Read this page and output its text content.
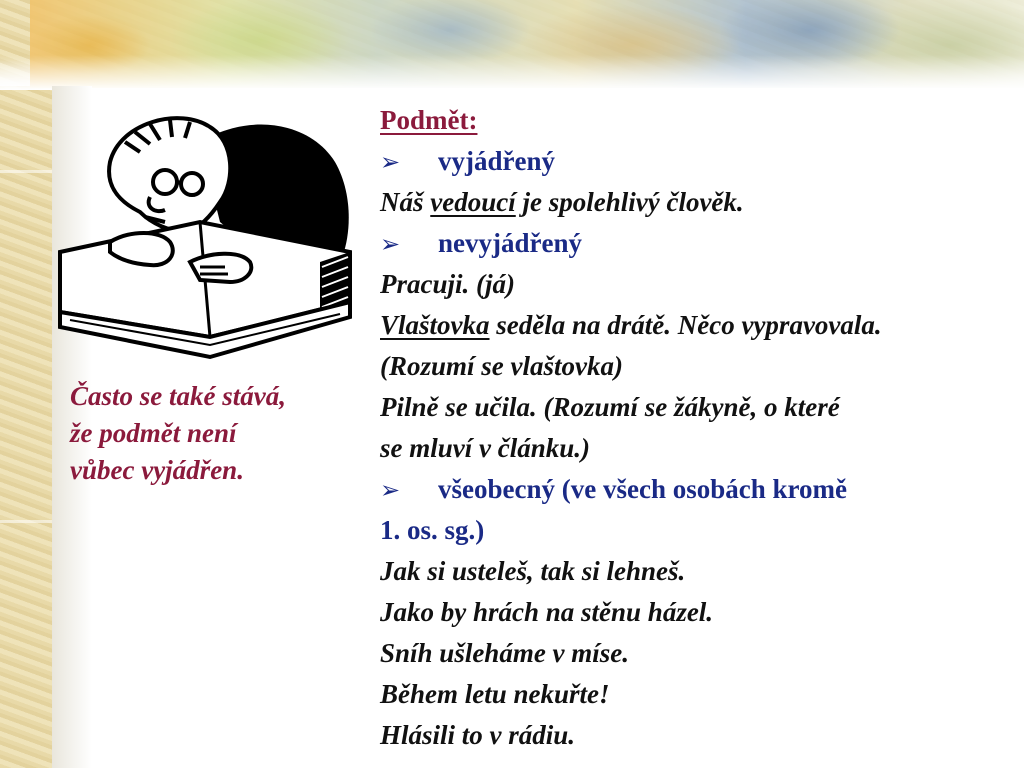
Často se také stává,
že podmět není
vůbec vyjádřen.
Podmět:
➢ vyjádřený
Náš vedoucí je spolehlivý člověk.
➢ nevyjádřený
Pracuji. (já)
Vlaštovka seděla na drátě. Něco vypravovala.
(Rozumí se vlaštovka)
Pilně se učila. (Rozumí se žákyně, o které
se mluví v článku.)
➢ všeobecný (ve všech osobách kromě
1. os. sg.)
Jak si usteleš, tak si lehneš.
Jako by hrách na stěnu házel.
Sníh ušleháme v míse.
Během letu nekuřte!
Hlásili to v rádiu.
